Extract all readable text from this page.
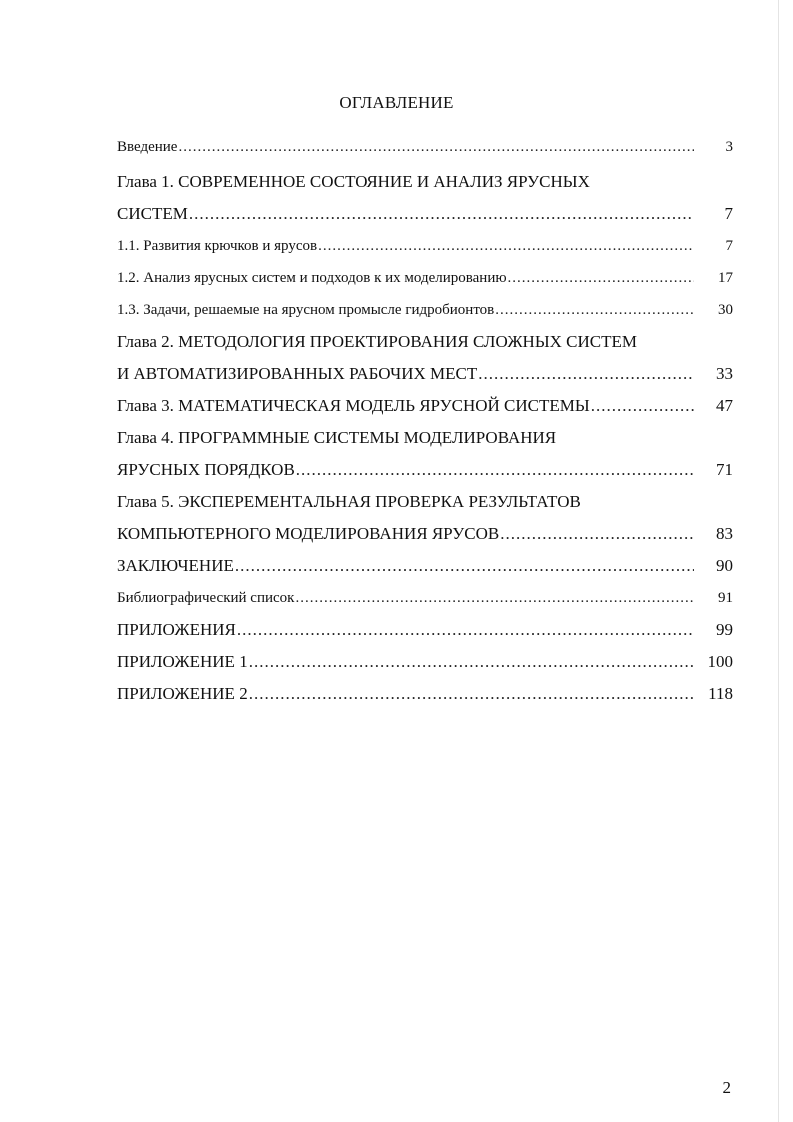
ОГЛАВЛЕНИЕ
Введение .....	3
Глава 1. СОВРЕМЕННОЕ СОСТОЯНИЕ И АНАЛИЗ ЯРУСНЫХ
СИСТЕМ .....	7
1.1. Развития крючков и ярусов .....	7
1.2. Анализ ярусных систем и подходов к их моделированию .....	17
1.3. Задачи, решаемые на ярусном промысле гидробионтов .....	30
Глава 2. МЕТОДОЛОГИЯ ПРОЕКТИРОВАНИЯ СЛОЖНЫХ СИСТЕМ
И АВТОМАТИЗИРОВАННЫХ РАБОЧИХ МЕСТ .....	33
Глава 3. МАТЕМАТИЧЕСКАЯ МОДЕЛЬ ЯРУСНОЙ СИСТЕМЫ .....	47
Глава 4. ПРОГРАММНЫЕ СИСТЕМЫ МОДЕЛИРОВАНИЯ
ЯРУСНЫХ ПОРЯДКОВ .....	71
Глава 5. ЭКСПЕРЕМЕНТАЛЬНАЯ ПРОВЕРКА РЕЗУЛЬТАТОВ
КОМПЬЮТЕРНОГО МОДЕЛИРОВАНИЯ ЯРУСОВ .....	83
ЗАКЛЮЧЕНИЕ .....	90
Библиографический список .....	91
ПРИЛОЖЕНИЯ .....	99
ПРИЛОЖЕНИЕ 1 .....	100
ПРИЛОЖЕНИЕ 2 .....	118
2
